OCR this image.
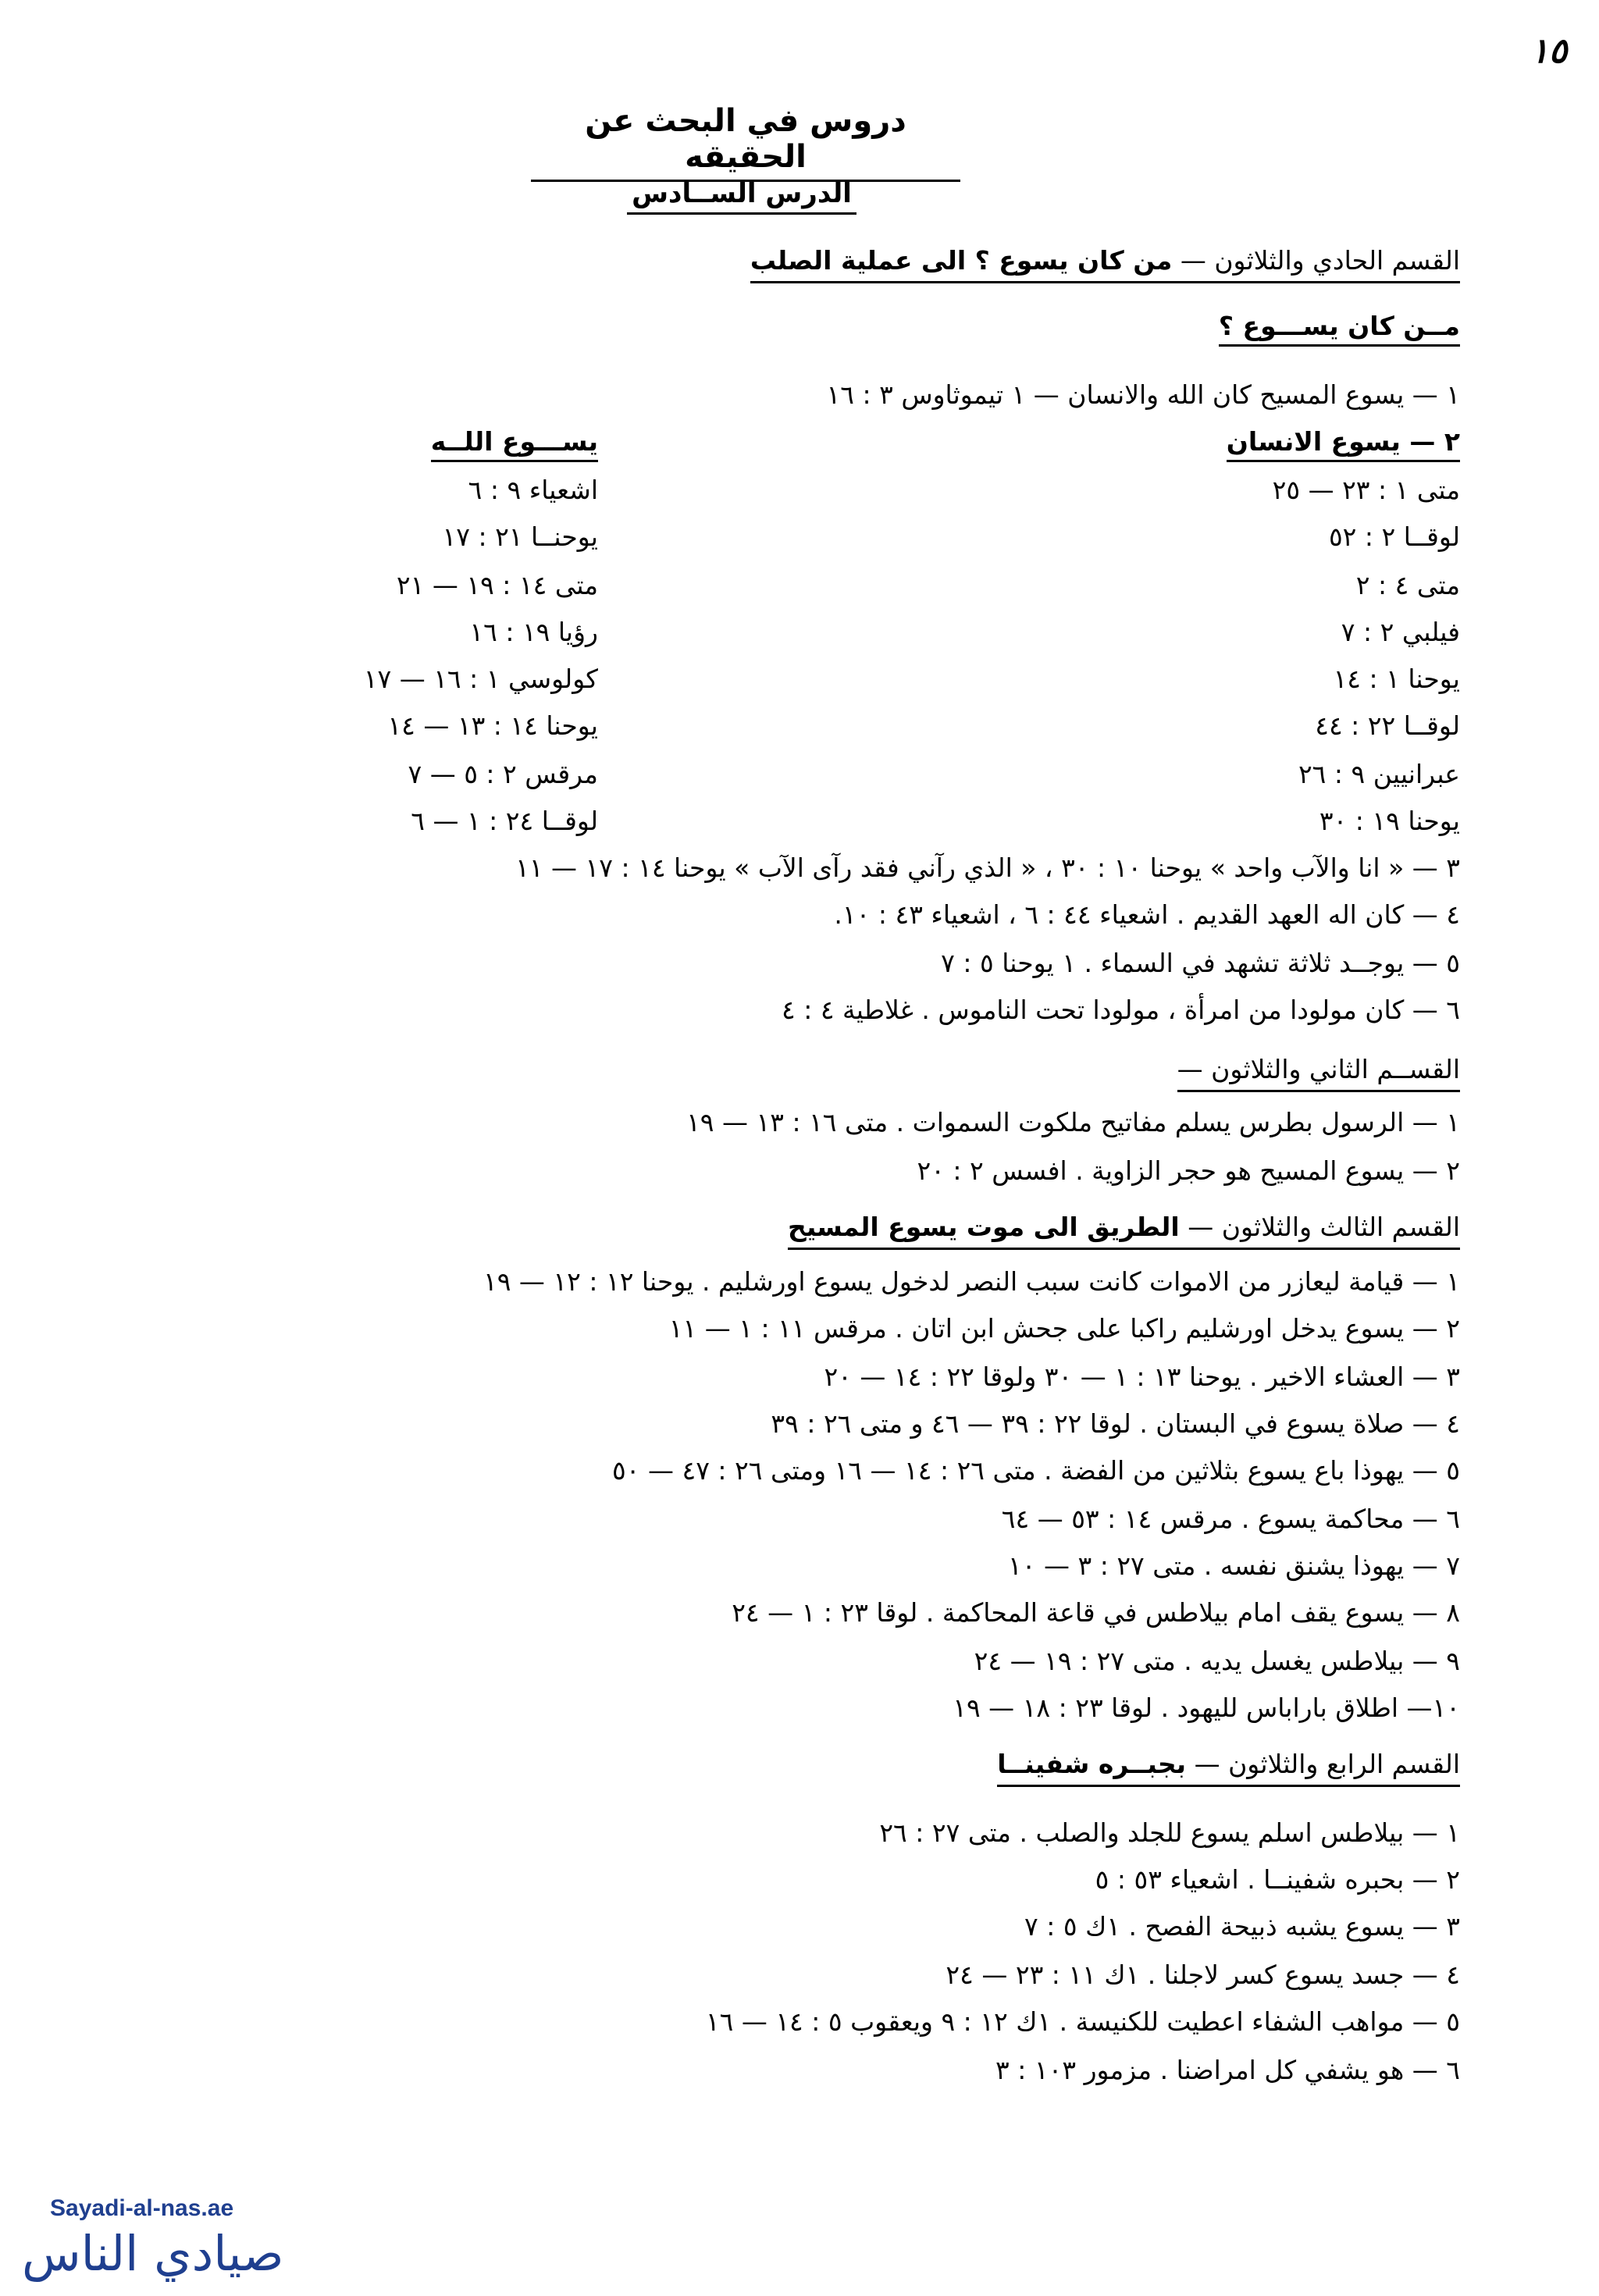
١٥
دروس في البحث عن الحقيقه
الدرس الســادس
القسم الحادي والثلاثون — من كان يسوع ؟ الى عملية الصلب
مــن كان يســـوع ؟
١ — يسوع المسيح كان الله والانسان — ١ تيموثاوس ٣ : ١٦
٢ — يسوع الانسان
متى ١ : ٢٣ — ٢٥
لوقــا ٢ : ٥٢
متى ٤ : ٢
فيلبي ٢ : ٧
يوحنا ١ : ١٤
لوقــا ٢٢ : ٤٤
عبرانيين ٩ : ٢٦
يوحنا ١٩ : ٣٠
يســـوع اللــه
اشعياء ٩ : ٦
يوحنــا ٢١ : ١٧
متى ١٤ : ١٩ — ٢١
رؤيا ١٩ : ١٦
كولوسي ١ : ١٦ — ١٧
يوحنا ١٤ : ١٣ — ١٤
مرقس ٢ : ٥ — ٧
لوقــا ٢٤ : ١ — ٦
٣ — « انا والآب واحد » يوحنا ١٠ : ٣٠ ، « الذي رآني فقد رآى الآب » يوحنا ١٤ : ١٧ — ١١
٤ — كان اله العهد القديم . اشعياء ٤٤ : ٦ ، اشعياء ٤٣ : ١٠.
٥ — يوجــد ثلاثة تشهد في السماء . ١ يوحنا ٥ : ٧
٦ — كان مولودا من امرأة ، مولودا تحت الناموس . غلاطية ٤ : ٤
القســم الثاني والثلاثون —
١ — الرسول بطرس يسلم مفاتيح ملكوت السموات . متى ١٦ : ١٣ — ١٩
٢ — يسوع المسيح هو حجر الزاوية . افسس ٢ : ٢٠
القسم الثالث والثلاثون — الطريق الى موت يسوع المسيح
١ — قيامة ليعازر من الاموات كانت سبب النصر لدخول يسوع اورشليم . يوحنا ١٢ : ١٢ — ١٩
٢ — يسوع يدخل اورشليم راكبا على جحش ابن اتان . مرقس ١١ : ١ — ١١
٣ — العشاء الاخير . يوحنا ١٣ : ١ — ٣٠ ولوقا ٢٢ : ١٤ — ٢٠
٤ — صلاة يسوع في البستان . لوقا ٢٢ : ٣٩ — ٤٦ و متى ٢٦ : ٣٩
٥ — يهوذا باع يسوع بثلاثين من الفضة . متى ٢٦ : ١٤ — ١٦ ومتى ٢٦ : ٤٧ — ٥٠
٦ — محاكمة يسوع . مرقس ١٤ : ٥٣ — ٦٤
٧ — يهوذا يشنق نفسه . متى ٢٧ : ٣ — ١٠
٨ — يسوع يقف امام بيلاطس في قاعة المحاكمة . لوقا ٢٣ : ١ — ٢٤
٩ — بيلاطس يغسل يديه . متى ٢٧ : ١٩ — ٢٤
١٠— اطلاق باراباس لليهود . لوقا ٢٣ : ١٨ — ١٩
القسم الرابع والثلاثون — بجبــره شفينــا
١ — بيلاطس اسلم يسوع للجلد والصلب . متى ٢٧ : ٢٦
٢ — بحبره شفينــا . اشعياء ٥٣ : ٥
٣ — يسوع يشبه ذبيحة الفصح . ١ك ٥ : ٧
٤ — جسد يسوع كسر لاجلنا . ١ك ١١ : ٢٣ — ٢٤
٥ — مواهب الشفاء اعطيت للكنيسة . ١ك ١٢ : ٩ ويعقوب ٥ : ١٤ — ١٦
٦ — هو يشفي كل امراضنا . مزمور ١٠٣ : ٣
Sayadi-al-nas.ae
صيادي الناس
